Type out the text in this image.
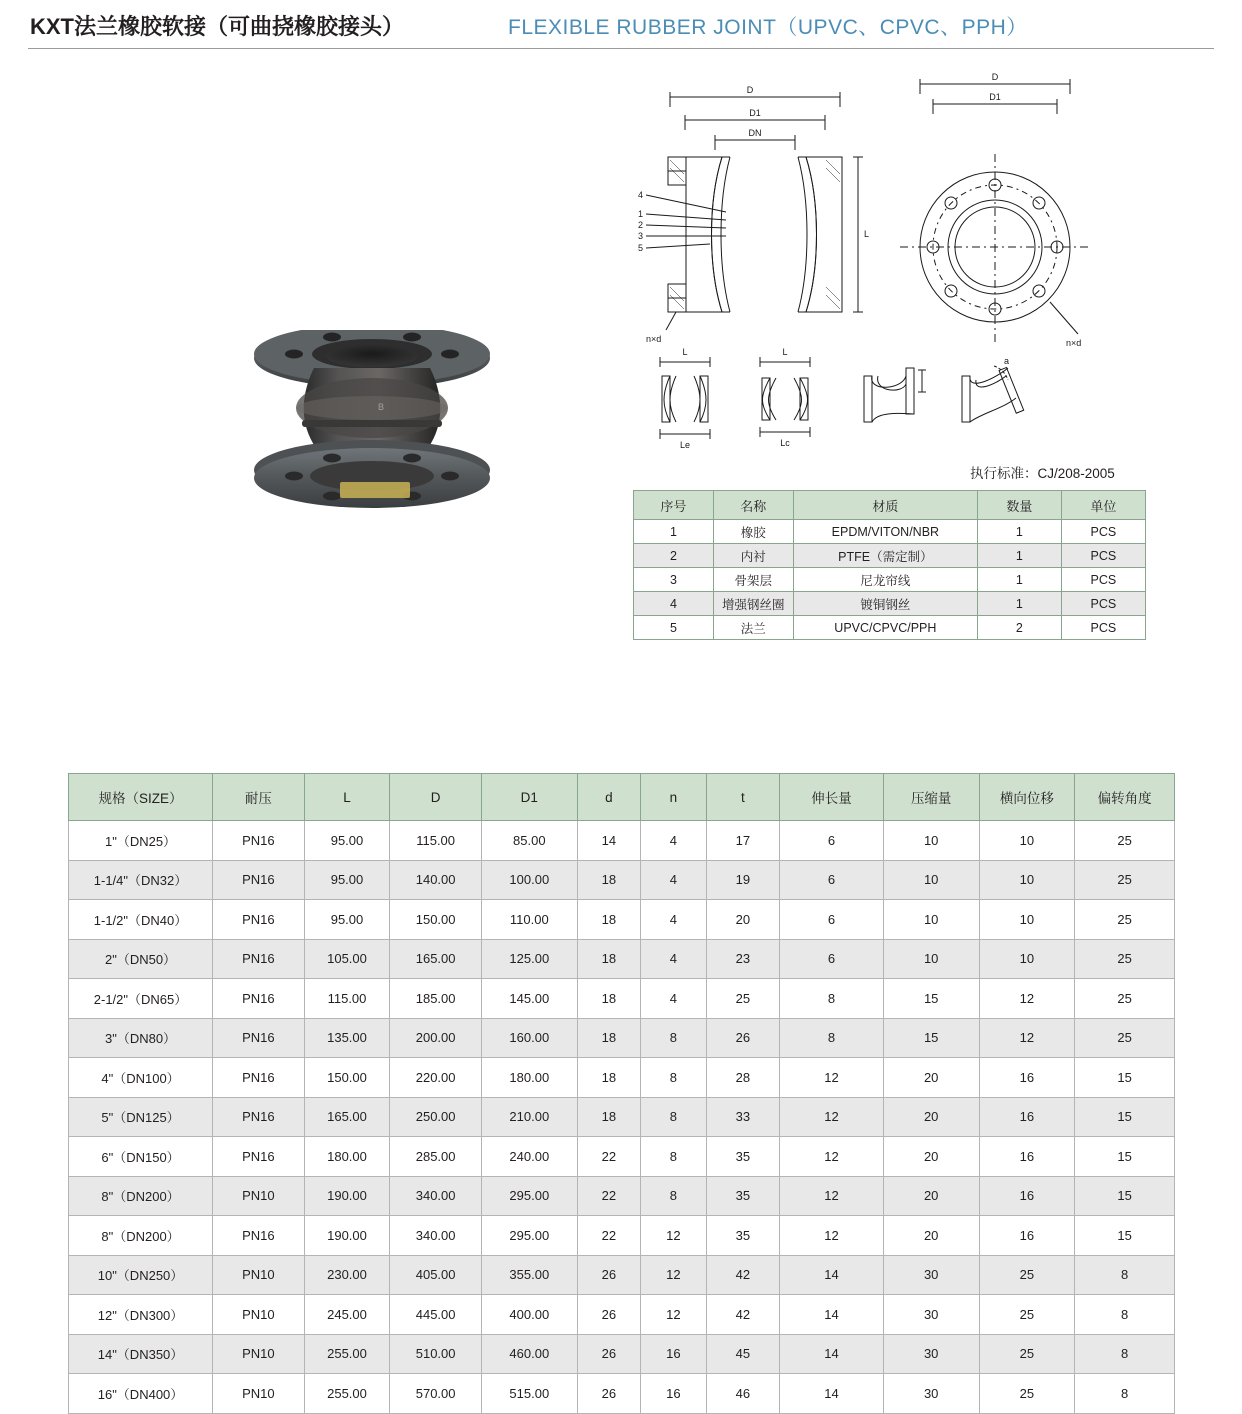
KXT法兰橡胶软接（可曲挠橡胶接头）	FLEXIBLE RUBBER JOINT（UPVC、CPVC、PPH）
B
D
D1
DN
4
1
2
3
5
L
n×d
D
D1
n×d
L
Le
L
Lc
a
执行标准：CJ/208-2005
序号	名称	材质	数量	单位
1	橡胶	EPDM/VITON/NBR	1	PCS
2	内衬	PTFE（需定制）	1	PCS
3	骨架层	尼龙帘线	1	PCS
4	增强钢丝圈	镀铜钢丝	1	PCS
5	法兰	UPVC/CPVC/PPH	2	PCS
规格（SIZE）	耐压	L	D	D1	d	n	t	伸长量	压缩量	横向位移	偏转角度
1"（DN25）	PN16	95.00	115.00	85.00	14	4	17	6	10	10	25
1-1/4"（DN32）	PN16	95.00	140.00	100.00	18	4	19	6	10	10	25
1-1/2"（DN40）	PN16	95.00	150.00	110.00	18	4	20	6	10	10	25
2"（DN50）	PN16	105.00	165.00	125.00	18	4	23	6	10	10	25
2-1/2"（DN65）	PN16	115.00	185.00	145.00	18	4	25	8	15	12	25
3"（DN80）	PN16	135.00	200.00	160.00	18	8	26	8	15	12	25
4"（DN100）	PN16	150.00	220.00	180.00	18	8	28	12	20	16	15
5"（DN125）	PN16	165.00	250.00	210.00	18	8	33	12	20	16	15
6"（DN150）	PN16	180.00	285.00	240.00	22	8	35	12	20	16	15
8"（DN200）	PN10	190.00	340.00	295.00	22	8	35	12	20	16	15
8"（DN200）	PN16	190.00	340.00	295.00	22	12	35	12	20	16	15
10"（DN250）	PN10	230.00	405.00	355.00	26	12	42	14	30	25	8
12"（DN300）	PN10	245.00	445.00	400.00	26	12	42	14	30	25	8
14"（DN350）	PN10	255.00	510.00	460.00	26	16	45	14	30	25	8
16"（DN400）	PN10	255.00	570.00	515.00	26	16	46	14	30	25	8
